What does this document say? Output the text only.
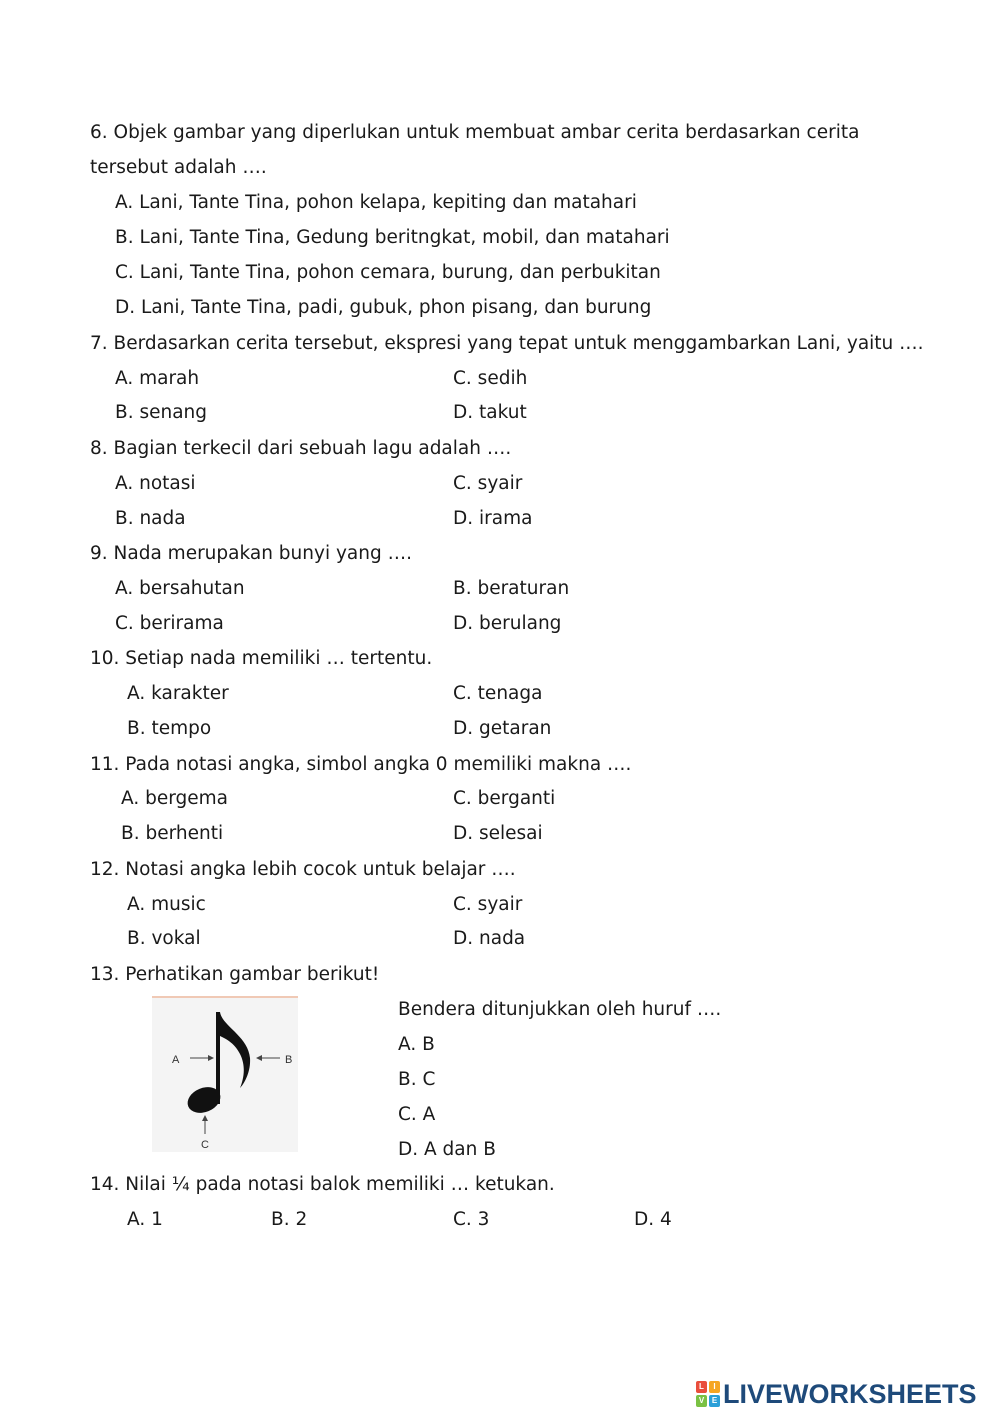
6. Objek gambar yang diperlukan untuk membuat ambar cerita berdasarkan cerita
tersebut adalah ….
A. Lani, Tante Tina, pohon kelapa, kepiting dan matahari
B. Lani, Tante Tina, Gedung beritngkat, mobil, dan matahari
C. Lani, Tante Tina, pohon cemara, burung, dan perbukitan
D. Lani, Tante Tina, padi, gubuk, phon pisang, dan burung
7. Berdasarkan cerita tersebut, ekspresi yang tepat untuk menggambarkan Lani, yaitu ….
A. marah	C. sedih
B. senang	D. takut
8. Bagian terkecil dari sebuah lagu adalah ….
A. notasi	C. syair
B. nada	D. irama
9. Nada merupakan bunyi yang ….
A. bersahutan	B. beraturan
C. berirama	D. berulang
10. Setiap nada memiliki … tertentu.
A. karakter	C. tenaga
B. tempo	D. getaran
11. Pada notasi angka, simbol angka 0 memiliki makna ….
A. bergema	C. berganti
B. berhenti	D. selesai
12. Notasi angka lebih cocok untuk belajar ….
A. music	C. syair
B. vokal	D. nada
13. Perhatikan gambar berikut!
A	B
C
Bendera ditunjukkan oleh huruf ….
A. B
B. C
C. A
D. A dan B
14. Nilai ¼ pada notasi balok memiliki … ketukan.
A. 1	B. 2	C. 3	D. 4
L	I
V E LIVEWORKSHEETS
